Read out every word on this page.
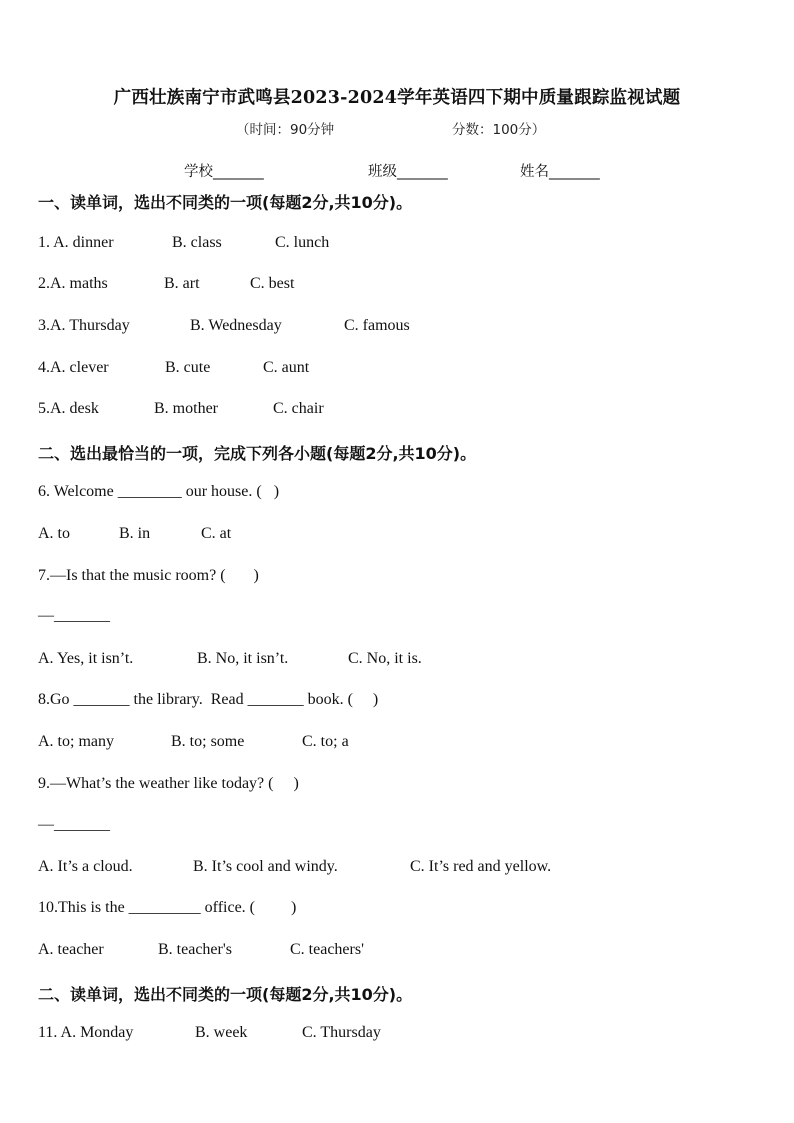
广西壮族南宁市武鸣县2023-2024学年英语四下期中质量跟踪监视试题
（时间：90分钟	分数：100分）
学校_______	班级_______	姓名_______
一、读单词，选出不同类的一项(每题2分,共10分)。
1. A. dinner	B. class	C. lunch
2.A. maths	B. art	C. best
3.A. Thursday	B. Wednesday	C. famous
4.A. clever	B. cute	C. aunt
5.A. desk	B. mother	C. chair
二、选出最恰当的一项，完成下列各小题(每题2分,共10分)。
6. Welcome ________ our house. (   )
A. to	B. in	C. at
7.—Is that the music room? (       )
—_______
A. Yes, it isn’t.	B. No, it isn’t.	C. No, it is.
8.Go _______ the library.  Read _______ book. (     )
A. to; many	B. to; some	C. to; a
9.—What’s the weather like today? (     )
—_______
A. It’s a cloud.	B. It’s cool and windy.	C. It’s red and yellow.
10.This is the _________ office. (         )
A. teacher	B. teacher's	C. teachers'
二、读单词，选出不同类的一项(每题2分,共10分)。
11. A. Monday	B. week	C. Thursday
